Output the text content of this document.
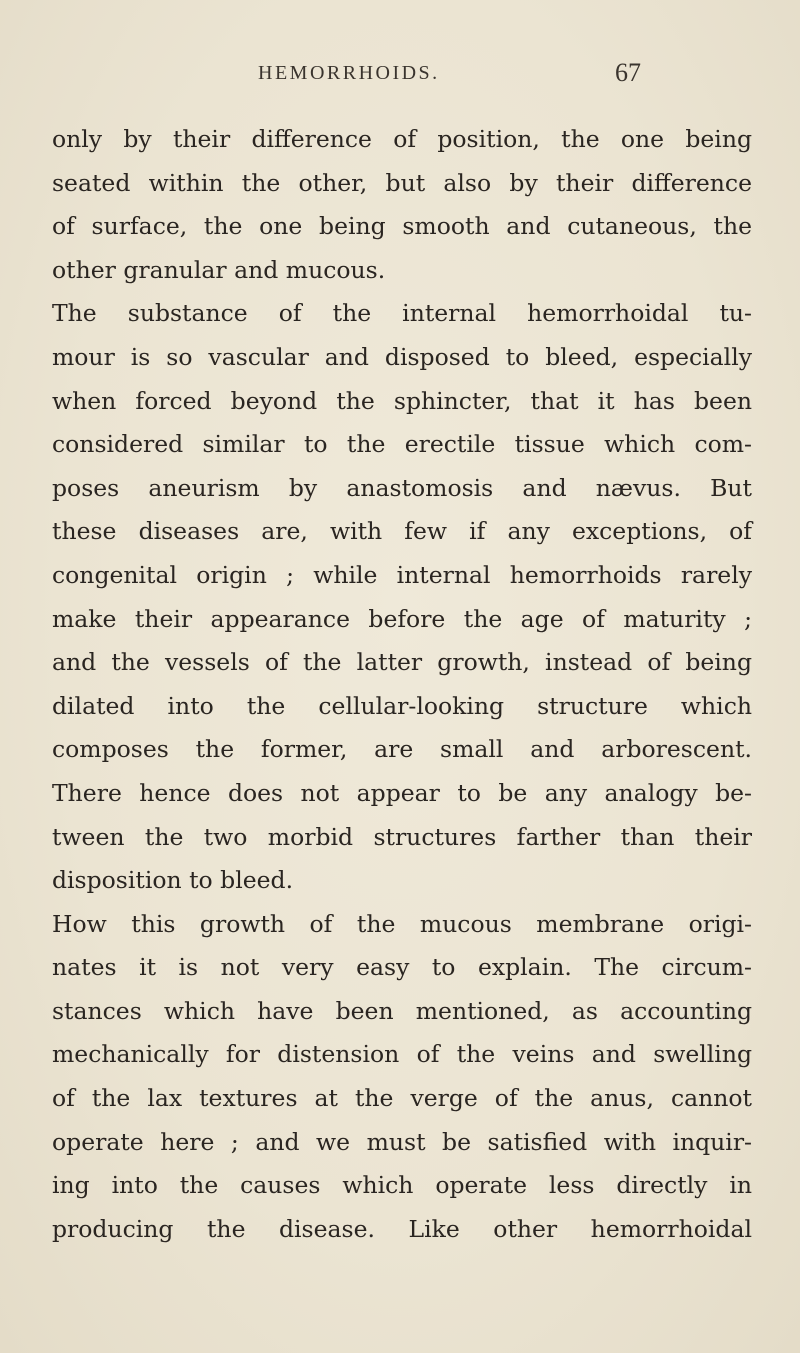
HEMORRHOIDS.	67
only by their difference of position, the one being
seated within the other, but also by their difference
of surface, the one being smooth and cutaneous, the
other granular and mucous.
The substance of the internal hemorrhoidal tu-
mour is so vascular and disposed to bleed, especially
when forced beyond the sphincter, that it has been
considered similar to the erectile tissue which com-
poses aneurism by anastomosis and nævus. But
these diseases are, with few if any exceptions, of
congenital origin ; while internal hemorrhoids rarely
make their appearance before the age of maturity ;
and the vessels of the latter growth, instead of being
dilated into the cellular-looking structure which
composes the former, are small and arborescent.
There hence does not appear to be any analogy be-
tween the two morbid structures farther than their
disposition to bleed.
How this growth of the mucous membrane origi-
nates it is not very easy to explain. The circum-
stances which have been mentioned, as accounting
mechanically for distension of the veins and swelling
of the lax textures at the verge of the anus, cannot
operate here ; and we must be satisfied with inquir-
ing into the causes which operate less directly in
producing the disease. Like other hemorrhoidal
